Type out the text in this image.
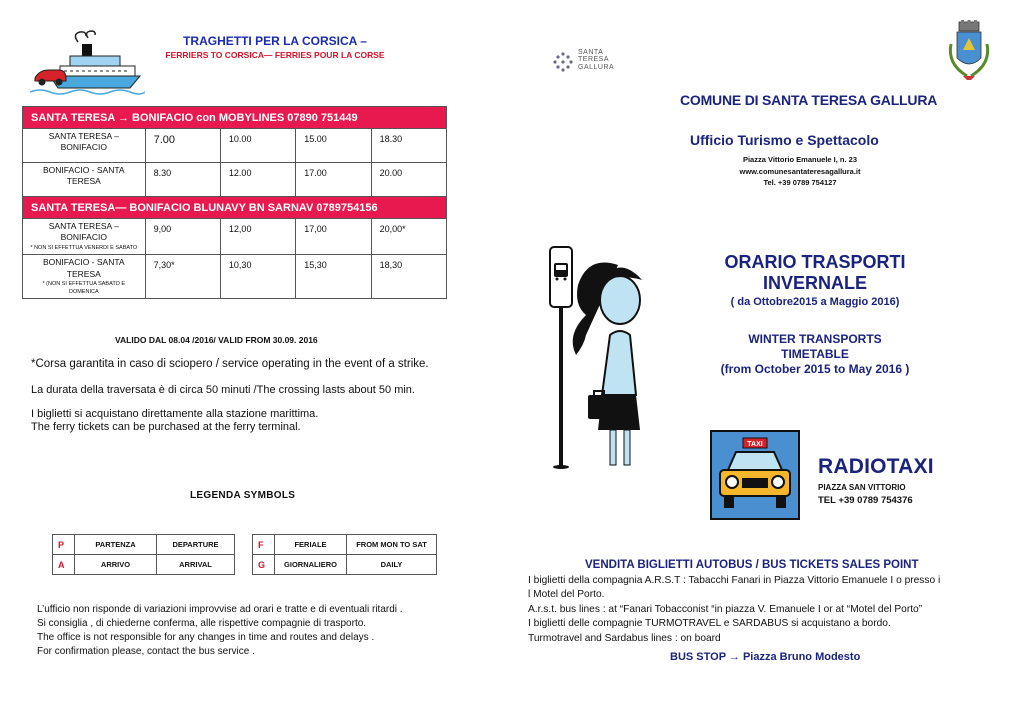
TRAGHETTI PER LA CORSICA –
FERRIERS TO CORSICA— FERRIES POUR LA CORSE
SANTA TERESA → BONIFACIO con MOBYLINES 07890 751449				
SANTA TERESA – BONIFACIO	7.00	10.00	15.00	18.30
BONIFACIO - SANTA TERESA	8.30	12.00	17.00	20.00
SANTA TERESA— BONIFACIO BLUNAVY BN SARNAV 0789754156				
SANTA TERESA – BONIFACIO
* NON SI EFFETTUA VENERDI E SABATO	9,00	12,00	17,00	20,00*
BONIFACIO - SANTA TERESA
* (NON SI EFFETTUA SABATO E DOMENICA	7,30*	10,30	15,30	18,30
VALIDO DAL 08.04 /2016/ VALID FROM 30.09. 2016
*Corsa garantita in caso di sciopero / service operating in the event of a strike.
La durata della traversata è di circa 50 minuti /The crossing lasts about 50 min.
I biglietti si acquistano direttamente alla stazione marittima.
The ferry tickets can be purchased at the ferry terminal.
LEGENDA SYMBOLS
P	PARTENZA	DEPARTURE
A	ARRIVO	ARRIVAL
F	FERIALE	FROM MON TO SAT
G	GIORNALIERO	DAILY
L’ufficio non risponde di variazioni improvvise ad orari e tratte e di eventuali ritardi .
Si consiglia , di chiederne conferma, alle rispettive compagnie di trasporto.
The office is not responsible for any changes in time and routes and delays .
For confirmation please, contact the bus service .
SANTA
TERESA
GALLURA
COMUNE DI SANTA TERESA GALLURA
Ufficio Turismo e Spettacolo
Piazza Vittorio Emanuele I, n. 23
www.comunesantateresagallura.it
Tel. +39 0789 754127
ORARIO TRASPORTI
INVERNALE
( da Ottobre2015 a Maggio 2016)
WINTER TRANSPORTS
TIMETABLE
(from October 2015 to May 2016 )
TAXI
RADIOTAXI
PIAZZA SAN VITTORIO
TEL +39 0789 754376
VENDITA BIGLIETTI AUTOBUS / BUS TICKETS SALES POINT
I biglietti della compagnia A.R.S.T : Tabacchi Fanari in Piazza Vittorio Emanuele I o presso i
l Motel del Porto.
A.r.s.t. bus lines : at “Fanari Tobacconist “in piazza V. Emanuele I or at “Motel del Porto”
I biglietti delle compagnie TURMOTRAVEL e SARDABUS si acquistano a bordo.
Turmotravel and Sardabus lines : on board
BUS STOP → Piazza Bruno Modesto
